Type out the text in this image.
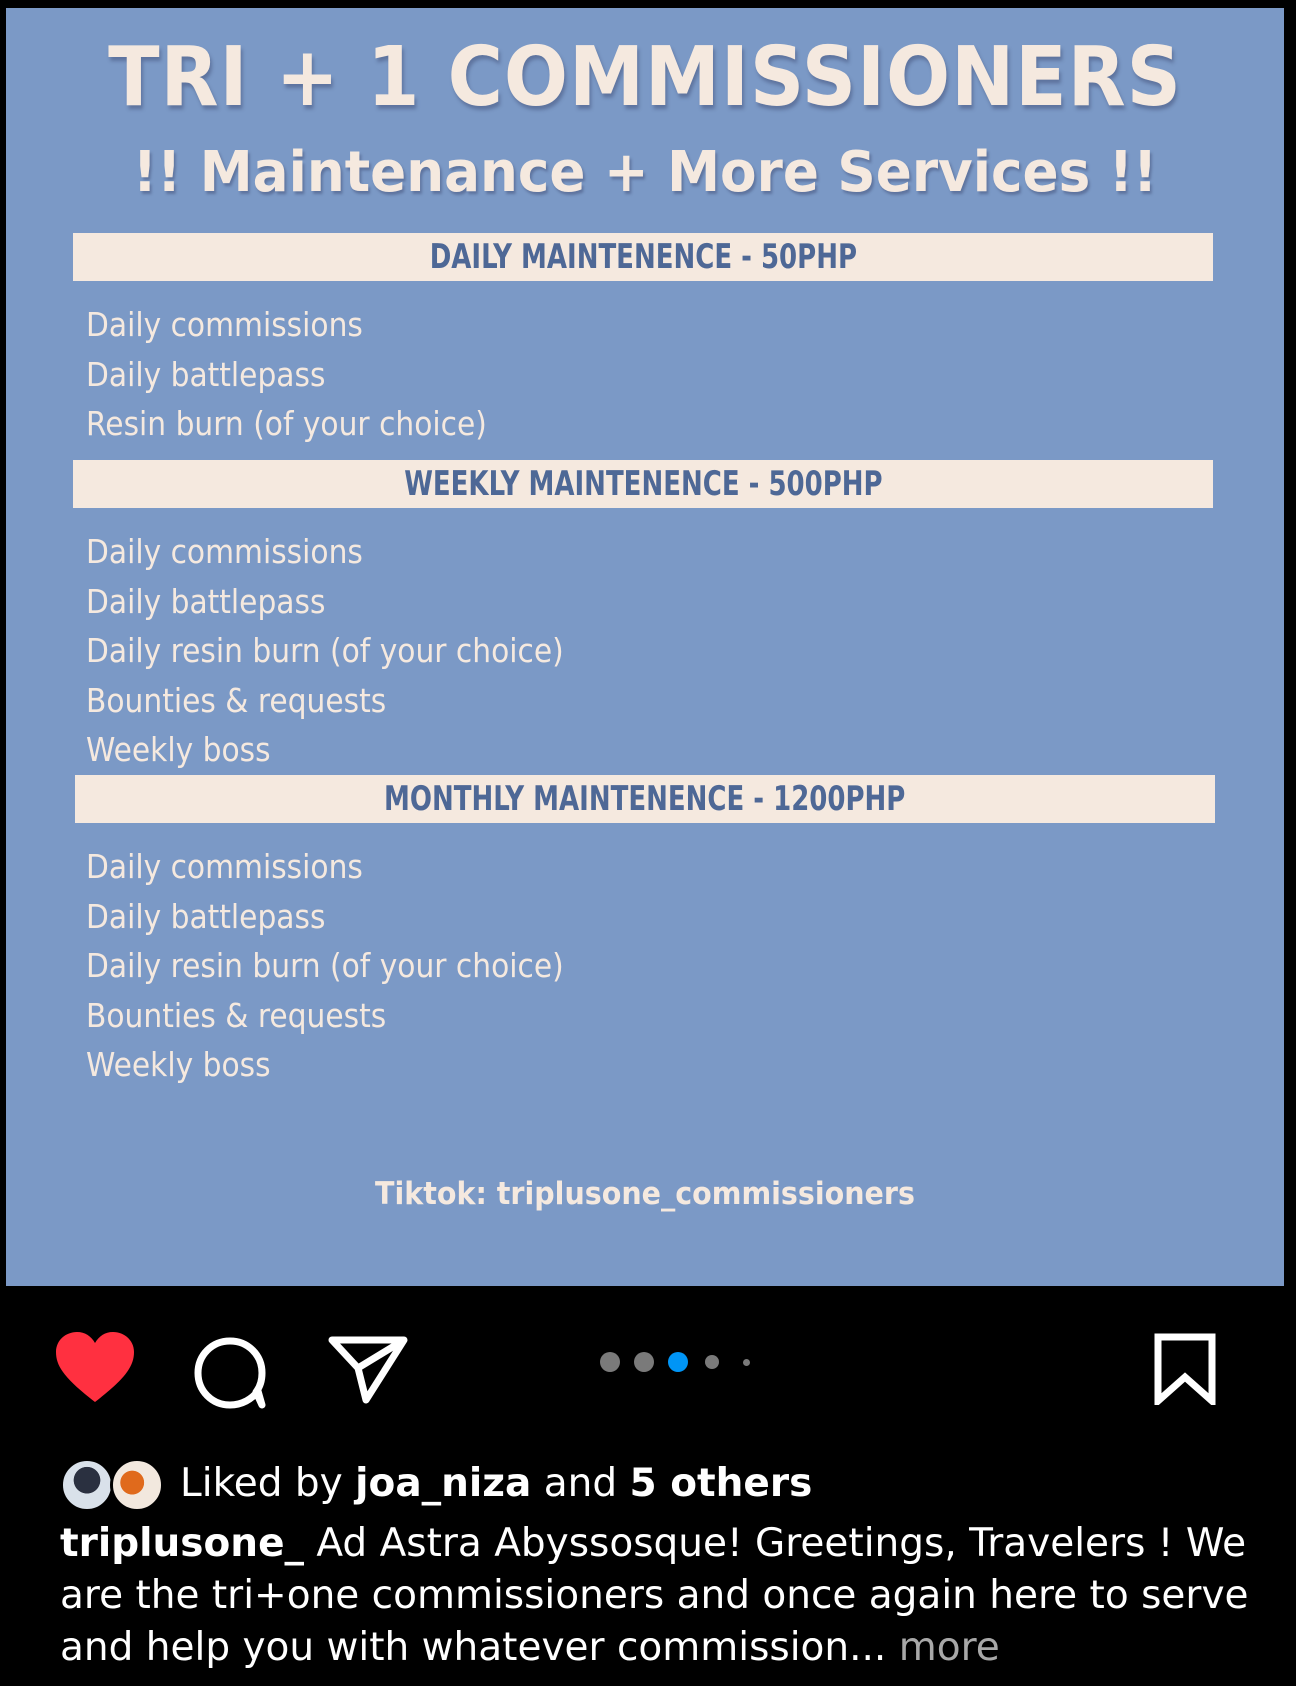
TRI + 1 COMMISSIONERS
!! Maintenance + More Services !!
DAILY MAINTENENCE - 50PHP
Daily commissions
Daily battlepass
Resin burn (of your choice)
WEEKLY MAINTENENCE - 500PHP
Daily commissions
Daily battlepass
Daily resin burn (of your choice)
Bounties & requests
Weekly boss
MONTHLY MAINTENENCE - 1200PHP
Daily commissions
Daily battlepass
Daily resin burn (of your choice)
Bounties & requests
Weekly boss
Tiktok: triplusone_commissioners
Liked by joa_niza and 5 others
triplusone_ Ad Astra Abyssosque! Greetings, Travelers ! We are the tri+one commissioners and once again here to serve and help you with whatever commission... more
